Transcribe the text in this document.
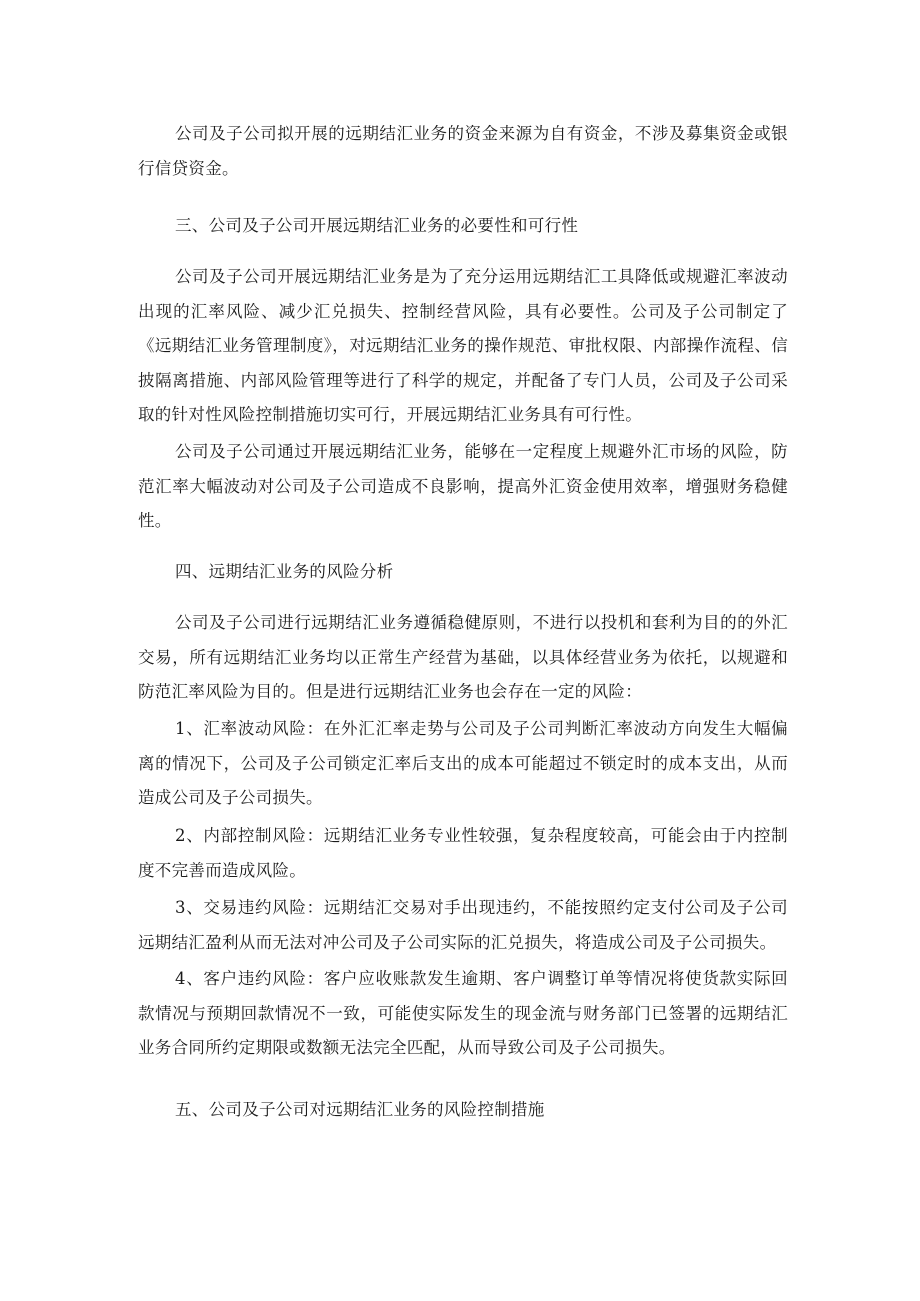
公司及子公司拟开展的远期结汇业务的资金来源为自有资金，不涉及募集资金或银行信贷资金。

三、公司及子公司开展远期结汇业务的必要性和可行性

公司及子公司开展远期结汇业务是为了充分运用远期结汇工具降低或规避汇率波动出现的汇率风险、减少汇兑损失、控制经营风险，具有必要性。公司及子公司制定了《远期结汇业务管理制度》，对远期结汇业务的操作规范、审批权限、内部操作流程、信披隔离措施、内部风险管理等进行了科学的规定，并配备了专门人员，公司及子公司采取的针对性风险控制措施切实可行，开展远期结汇业务具有可行性。

公司及子公司通过开展远期结汇业务，能够在一定程度上规避外汇市场的风险，防范汇率大幅波动对公司及子公司造成不良影响，提高外汇资金使用效率，增强财务稳健性。

四、远期结汇业务的风险分析

公司及子公司进行远期结汇业务遵循稳健原则，不进行以投机和套利为目的的外汇交易，所有远期结汇业务均以正常生产经营为基础，以具体经营业务为依托，以规避和防范汇率风险为目的。但是进行远期结汇业务也会存在一定的风险：

1、汇率波动风险：在外汇汇率走势与公司及子公司判断汇率波动方向发生大幅偏离的情况下，公司及子公司锁定汇率后支出的成本可能超过不锁定时的成本支出，从而造成公司及子公司损失。

2、内部控制风险：远期结汇业务专业性较强，复杂程度较高，可能会由于内控制度不完善而造成风险。

3、交易违约风险：远期结汇交易对手出现违约，不能按照约定支付公司及子公司远期结汇盈利从而无法对冲公司及子公司实际的汇兑损失，将造成公司及子公司损失。

4、客户违约风险：客户应收账款发生逾期、客户调整订单等情况将使货款实际回款情况与预期回款情况不一致，可能使实际发生的现金流与财务部门已签署的远期结汇业务合同所约定期限或数额无法完全匹配，从而导致公司及子公司损失。

五、公司及子公司对远期结汇业务的风险控制措施
